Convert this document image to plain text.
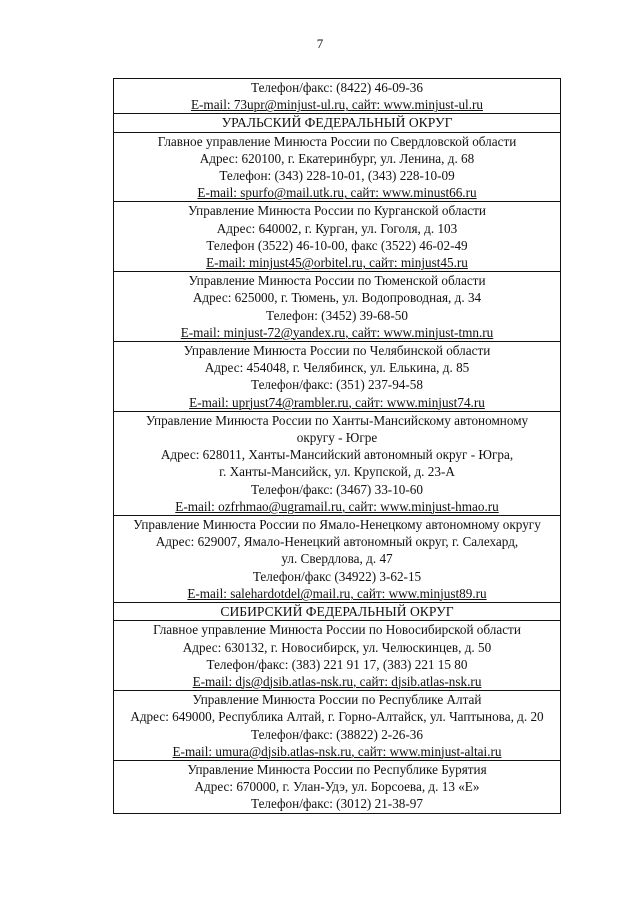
7
Телефон/факс: (8422) 46-09-36
E-mail: 73upr@minjust-ul.ru, сайт: www.minjust-ul.ru

УРАЛЬСКИЙ ФЕДЕРАЛЬНЫЙ ОКРУГ

Главное управление Минюста России по Свердловской области
Адрес: 620100, г. Екатеринбург, ул. Ленина, д. 68
Телефон: (343) 228-10-01, (343) 228-10-09
E-mail: spurfo@mail.utk.ru, сайт: www.minust66.ru

Управление Минюста России по Курганской области
Адрес: 640002, г. Курган, ул. Гоголя, д. 103
Телефон (3522) 46-10-00, факс (3522) 46-02-49
E-mail: minjust45@orbitel.ru, сайт: minjust45.ru

Управление Минюста России по Тюменской области
Адрес: 625000, г. Тюмень, ул. Водопроводная, д. 34
Телефон: (3452) 39-68-50
E-mail: minjust-72@yandex.ru, сайт: www.minjust-tmn.ru

Управление Минюста России по Челябинской области
Адрес: 454048, г. Челябинск, ул. Елькина, д. 85
Телефон/факс: (351) 237-94-58
E-mail: uprjust74@rambler.ru, сайт: www.minjust74.ru

Управление Минюста России по Ханты-Мансийскому автономному
округу - Югре
Адрес: 628011, Ханты-Мансийский автономный округ - Югра,
г. Ханты-Мансийск, ул. Крупской, д. 23-А
Телефон/факс: (3467) 33-10-60
E-mail: ozfrhmao@ugramail.ru, сайт: www.minjust-hmao.ru

Управление Минюста России по Ямало-Ненецкому автономному округу
Адрес: 629007, Ямало-Ненецкий автономный округ, г. Салехард,
ул. Свердлова, д. 47
Телефон/факс (34922) 3-62-15
E-mail: salehardotdel@mail.ru, сайт: www.minjust89.ru

СИБИРСКИЙ ФЕДЕРАЛЬНЫЙ ОКРУГ

Главное управление Минюста России по Новосибирской области
Адрес: 630132, г. Новосибирск, ул. Челюскинцев, д. 50
Телефон/факс: (383) 221 91 17, (383) 221 15 80
E-mail: djs@djsib.atlas-nsk.ru, сайт: djsib.atlas-nsk.ru

Управление Минюста России по Республике Алтай
Адрес: 649000, Республика Алтай, г. Горно-Алтайск, ул. Чаптынова, д. 20
Телефон/факс: (38822) 2-26-36
E-mail: umura@djsib.atlas-nsk.ru, сайт: www.minjust-altai.ru

Управление Минюста России по Республике Бурятия
Адрес: 670000, г. Улан-Удэ, ул. Борсоева, д. 13 «Е»
Телефон/факс: (3012) 21-38-97
